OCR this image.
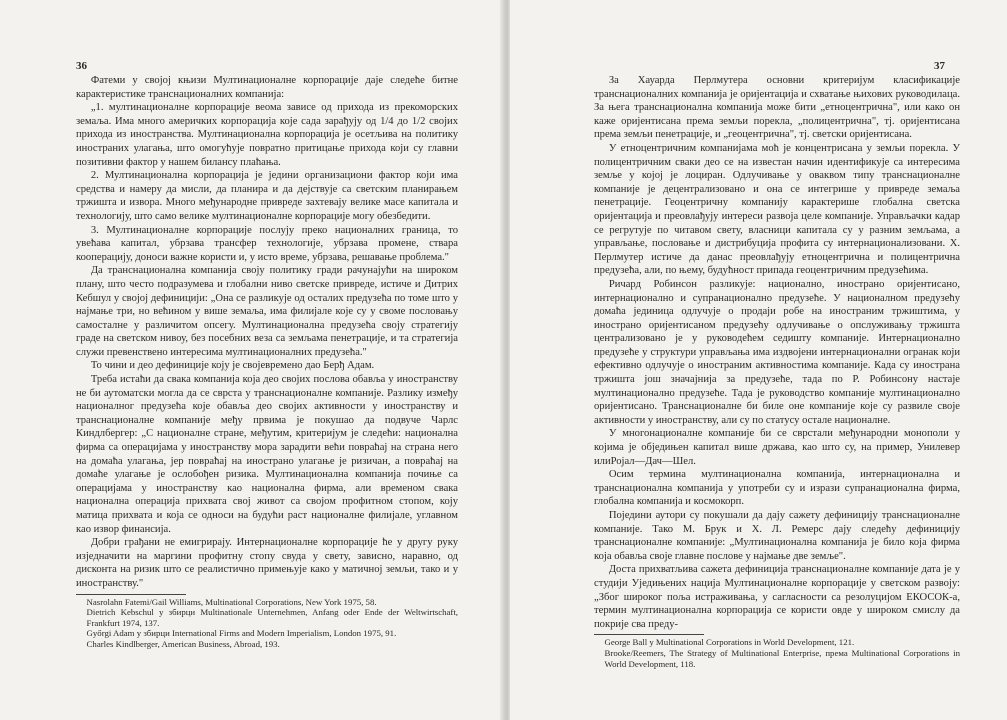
36

Фатеми у својој књизи Мултинационалне корпорације даје следеће битне карактеристике транснационалних компанија:

„1. мултинационалне корпорације веома зависе од прихода из прекоморских земаља. Има много америчких корпорација које сада зарађују од 1/4 до 1/2 својих прихода из иностранства. Мултинационална корпорација је осетљива на политику иностраних улагања, што омогућује повратно притицање прихода који су главни позитивни фактор у нашем билансу плаћања.

2. Мултинационална корпорација је једини организациони фактор који има средства и намеру да мисли, да планира и да дејствује са светским планирањем тржишта и извора. Много међународне привреде захтевају велике масе капитала и технологију, што само велике мултинационалне корпорације могу обезбедити.

3. Мултинационалне корпорације послују преко националних граница, то увећава капитал, убрзава трансфер технологије, убрзава промене, ствара кооперацију, доноси важне користи и, у исто време, убрзава, решавање проблема."

Да транснационална компанија своју политику гради рачунајући на широком плану, што често подразумева и глобални ниво светске привреде, истиче и Дитрих Кебшул у својој дефиницији: „Она се разликује од осталих предузећа по томе што у најмање три, но већином у више земаља, има филијале које су у своме пословању самосталне у различитом опсегу. Мултинационална предузећа своју стратегију граде на светском нивоу, без посебних веза са земљама пенетрације, и та стратегија служи превенствено интересима мултинационалних предузећа."

То чини и део дефиниције коју је својевремено дао Берђ Адам.

Треба истаћи да свака компанија која део својих послова обавља у иностранству не би аутоматски могла да се сврста у транснационалне компаније. Разлику између националног предузећа које обавља део својих активности у иностранству и транснационалне компаније међу првима је покушао да подвуче Чарлс Киндлбергер: „С националне стране, међутим, критеријум је следећи: национална фирма са операцијама у иностранству мора зарадити већи повраћај на страна него на домаћа улагања, јер повраћај на инострано улагање је ризичан, а повраћај на домаће улагање је ослобођен ризика. Мултинационална компанија почиње са операцијама у иностранству као национална фирма, али временом свака национална операција прихвата свој живот са својом профитном стопом, коју матица прихвата и која се односи на будући раст националне филијале, углавном као извор финансија.

Добри грађани не емигрирају. Интернационалне корпорације ће у другу руку изједначити на маргини профитну стопу свуда у свету, зависно, наравно, од дисконта на ризик што се реалистично примењује како у матичној земљи, тако и у иностранству."

Nasrolahn Fatemi/Gail Williams, Multinational Corporations, New York 1975, 58.

Dietrich Kebschul у збирци Multinationale Unternehmen, Anfang oder Ende der Weltwirtschaft, Frankfurt 1974, 137.

Győrgi Adam у збирци International Firms and Modern Imperialism, London 1975, 91.

Charles Kindlberger, American Business, Abroad, 193.

37

За Хауарда Перлмутера основни критеријум класификације транснационалних компанија је оријентација и схватање њихових руководилаца. За њега транснационална компанија може бити „етноцентрична", или како он каже оријентисана према земљи порекла, „полицентрична", тј. оријентисана према земљи пенетрације, и „геоцентрична", тј. светски оријентисана.

У етноцентричним компанијама моћ је концентрисана у земљи порекла. У полицентричним сваки део се на известан начин идентификује са интересима земље у којој је лоциран. Одлучивање у оваквом типу транснационалне компаније је децентрализовано и она се интегрише у привреде земаља пенетрације. Геоцентричну компанију карактерише глобална светска оријентација и преовлађују интереси развоја целе компаније. Управљачки кадар се регрутује по читавом свету, власници капитала су у разним земљама, а управљање, пословање и дистрибуција профита су интернационализовани. Х. Перлмутер истиче да данас преовлађују етноцентрична и полицентрична предузећа, али, по њему, будућност припада геоцентричним предузећима.

Ричард Робинсон разликује: национално, инострано оријентисано, интернационално и супранационално предузеће. У националном предузећу домаћа јединица одлучује о продаји робе на иностраним тржиштима, у инострано оријентисаном предузећу одлучивање о опслуживању тржишта централизовано је у руководећем седишту компаније. Интернационално предузеће у структури управљања има издвојени интернационални огранак који ефективно одлучује о иностраним активностима компаније. Када су инострана тржишта још значајнија за предузеће, тада по Р. Робинсону настаје мултинационално предузеће. Тада је руководство компаније мултинационално оријентисано. Транснационалне би биле оне компаније које су развиле своје активности у иностранству, али су по статусу остале националне.

У многонационалне компаније би се сврстали међународни монополи у којима је обједињен капитал више држава, као што су, на пример, Унилевер илиРојал—Дач—Шел.

Осим термина мултинационална компанија, интернационална и транснационална компанија у употреби су и изрази супранационална фирма, глобална компанија и космокорп.

Поједини аутори су покушали да дају сажету дефиницију транснационалне компаније. Тако М. Брук и Х. Л. Ремерс дају следећу дефиницију транснационалне компаније: „Мултинационална компанија је било која фирма која обавља своје главне послове у најмање две земље".

Доста прихватљива сажета дефиниција транснационалне компаније дата је у студији Уједињених нација Мултинационалне корпорације у светском развоју: „Због широког поља истраживања, у сагласности са резолуцијом ЕКОСОК-а, термин мултинационална корпорација се користи овде у широком смислу да покрије сва преду-

George Ball у Multinational Corporations in World Development, 121.

Brooke/Reemers, The Strategy of Multinational Enterprise, према Multinational Corporations in World Development, 118.
